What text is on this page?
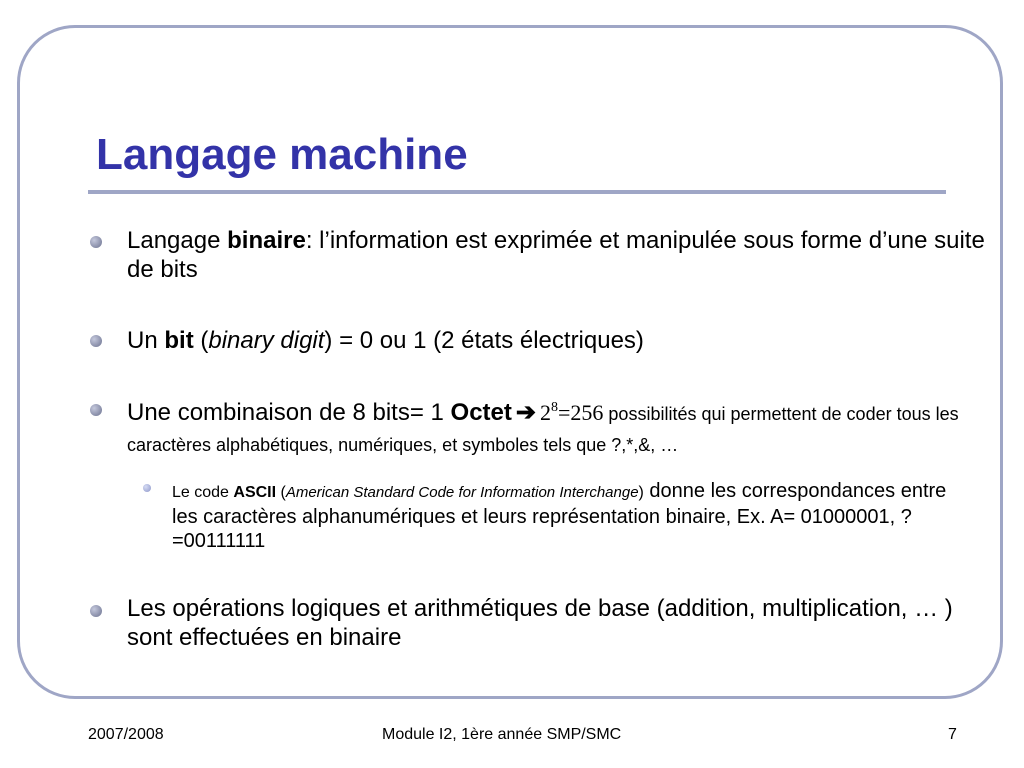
Langage machine
Langage binaire: l’information est exprimée et manipulée sous forme d’une suite de bits
Un bit (binary digit) = 0 ou 1 (2 états électriques)
Une combinaison de 8 bits= 1 Octet ➔ $2^8=256$ possibilités qui permettent de coder tous les caractères alphabétiques, numériques, et symboles tels que ?,*,&, …
Le code ASCII (American Standard Code for Information Interchange) donne les correspondances entre les caractères alphanumériques et leurs représentation binaire, Ex. A= 01000001, ?=00111111
Les opérations logiques et arithmétiques de base (addition, multiplication, … ) sont effectuées en binaire
2007/2008	Module I2, 1ère année SMP/SMC	7
